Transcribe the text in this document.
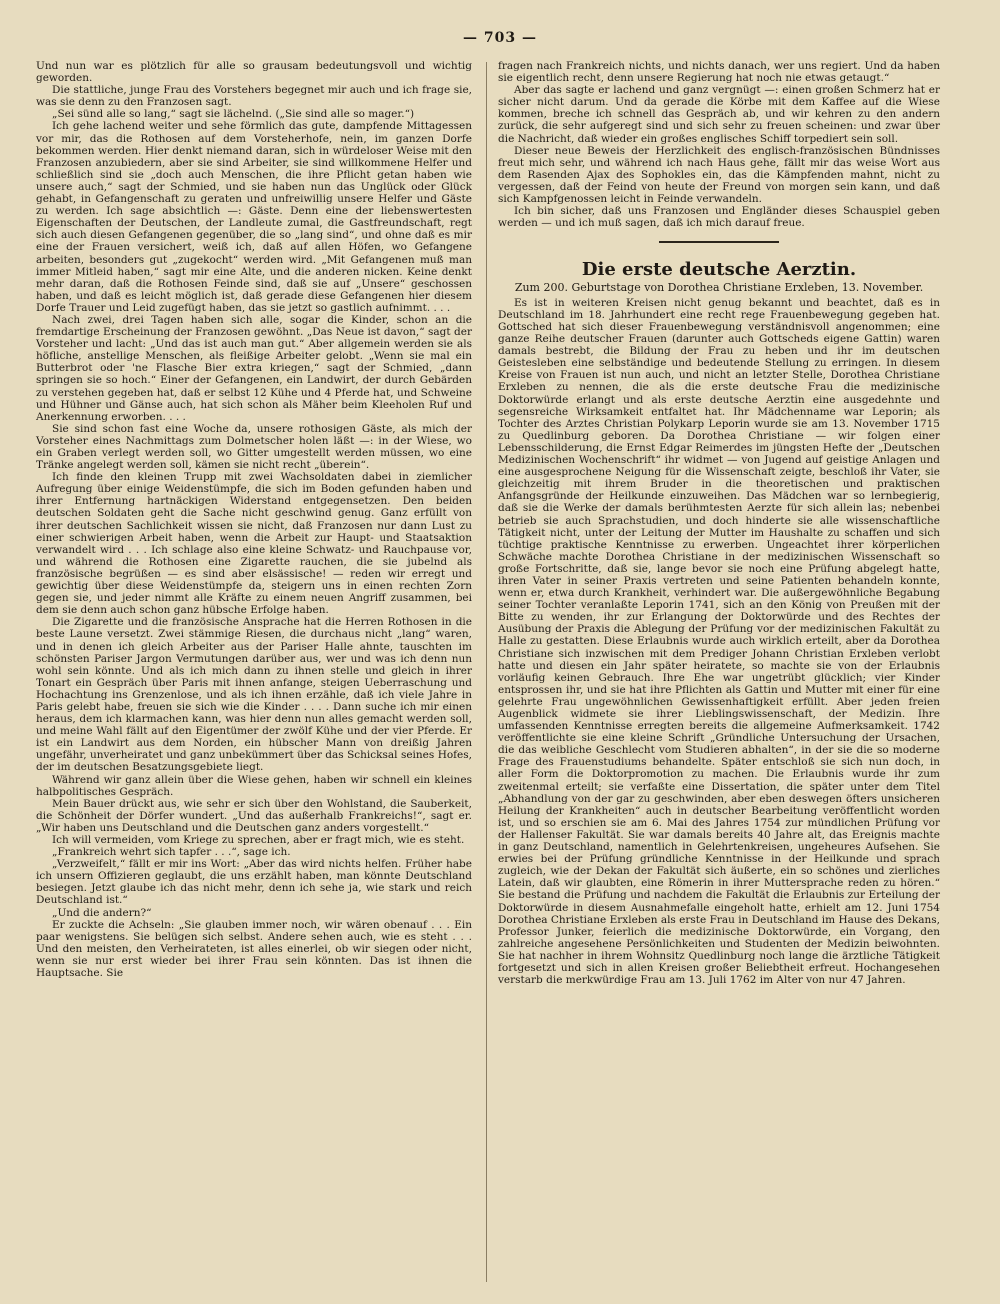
— 703 —

Und nun war es plötzlich für alle so grausam bedeutungsvoll und wichtig geworden.

Die stattliche, junge Frau des Vorstehers begegnet mir auch und ich frage sie, was sie denn zu den Franzosen sagt.

„Sei sünd alle so lang,“ sagt sie lächelnd. („Sie sind alle so mager.“)

Ich gehe lachend weiter und sehe förmlich das gute, dampfende Mittagessen vor mir, das die Rothosen auf dem Vorsteherhofe, nein, im ganzen Dorfe bekommen werden. Hier denkt niemand daran, sich in würdeloser Weise mit den Franzosen anzubiedern, aber sie sind Arbeiter, sie sind willkommene Helfer und schließlich sind sie „doch auch Menschen, die ihre Pflicht getan haben wie unsere auch,“ sagt der Schmied, und sie haben nun das Unglück oder Glück gehabt, in Gefangenschaft zu geraten und unfreiwillig unsere Helfer und Gäste zu werden. Ich sage absichtlich —: Gäste. Denn eine der liebenswertesten Eigenschaften der Deutschen, der Landleute zumal, die Gastfreundschaft, regt sich auch diesen Gefangenen gegenüber, die so „lang sind“, und ohne daß es mir eine der Frauen versichert, weiß ich, daß auf allen Höfen, wo Gefangene arbeiten, besonders gut „zugekocht“ werden wird. „Mit Gefangenen muß man immer Mitleid haben,“ sagt mir eine Alte, und die anderen nicken. Keine denkt mehr daran, daß die Rothosen Feinde sind, daß sie auf „Unsere“ geschossen haben, und daß es leicht möglich ist, daß gerade diese Gefangenen hier diesem Dorfe Trauer und Leid zugefügt haben, das sie jetzt so gastlich aufnimmt. . . .

Nach zwei, drei Tagen haben sich alle, sogar die Kinder, schon an die fremdartige Erscheinung der Franzosen gewöhnt. „Das Neue ist davon,“ sagt der Vorsteher und lacht: „Und das ist auch man gut.“ Aber allgemein werden sie als höfliche, anstellige Menschen, als fleißige Arbeiter gelobt. „Wenn sie mal ein Butterbrot oder 'ne Flasche Bier extra kriegen,“ sagt der Schmied, „dann springen sie so hoch.“ Einer der Gefangenen, ein Landwirt, der durch Gebärden zu verstehen gegeben hat, daß er selbst 12 Kühe und 4 Pferde hat, und Schweine und Hühner und Gänse auch, hat sich schon als Mäher beim Kleeholen Ruf und Anerkennung erworben. . . .

Sie sind schon fast eine Woche da, unsere rothosigen Gäste, als mich der Vorsteher eines Nachmittags zum Dolmetscher holen läßt —: in der Wiese, wo ein Graben verlegt werden soll, wo Gitter umgestellt werden müssen, wo eine Tränke angelegt werden soll, kämen sie nicht recht „überein“.

Ich finde den kleinen Trupp mit zwei Wachsoldaten dabei in ziemlicher Aufregung über einige Weidenstümpfe, die sich im Boden gefunden haben und ihrer Entfernung hartnäckigen Widerstand entgegensetzen. Den beiden deutschen Soldaten geht die Sache nicht geschwind genug. Ganz erfüllt von ihrer deutschen Sachlichkeit wissen sie nicht, daß Franzosen nur dann Lust zu einer schwierigen Arbeit haben, wenn die Arbeit zur Haupt- und Staatsaktion verwandelt wird . . . Ich schlage also eine kleine Schwatz- und Rauchpause vor, und während die Rothosen eine Zigarette rauchen, die sie jubelnd als französische begrüßen — es sind aber elsässische! — reden wir erregt und gewichtig über diese Weidenstümpfe da, steigern uns in einen rechten Zorn gegen sie, und jeder nimmt alle Kräfte zu einem neuen Angriff zusammen, bei dem sie denn auch schon ganz hübsche Erfolge haben.

Die Zigarette und die französische Ansprache hat die Herren Rothosen in die beste Laune versetzt. Zwei stämmige Riesen, die durchaus nicht „lang“ waren, und in denen ich gleich Arbeiter aus der Pariser Halle ahnte, tauschten im schönsten Pariser Jargon Vermutungen darüber aus, wer und was ich denn nun wohl sein könnte. Und als ich mich dann zu ihnen stelle und gleich in ihrer Tonart ein Gespräch über Paris mit ihnen anfange, steigen Ueberraschung und Hochachtung ins Grenzenlose, und als ich ihnen erzähle, daß ich viele Jahre in Paris gelebt habe, freuen sie sich wie die Kinder . . . . Dann suche ich mir einen heraus, dem ich klarmachen kann, was hier denn nun alles gemacht werden soll, und meine Wahl fällt auf den Eigentümer der zwölf Kühe und der vier Pferde. Er ist ein Landwirt aus dem Norden, ein hübscher Mann von dreißig Jahren ungefähr, unverheiratet und ganz unbekümmert über das Schicksal seines Hofes, der im deutschen Besatzungsgebiete liegt.

Während wir ganz allein über die Wiese gehen, haben wir schnell ein kleines halbpolitisches Gespräch.

Mein Bauer drückt aus, wie sehr er sich über den Wohlstand, die Sauberkeit, die Schönheit der Dörfer wundert. „Und das außerhalb Frankreichs!“, sagt er. „Wir haben uns Deutschland und die Deutschen ganz anders vorgestellt.“

Ich will vermeiden, vom Kriege zu sprechen, aber er fragt mich, wie es steht.

„Frankreich wehrt sich tapfer . . .“, sage ich.

„Verzweifelt,“ fällt er mir ins Wort: „Aber das wird nichts helfen. Früher habe ich unsern Offizieren geglaubt, die uns erzählt haben, man könnte Deutschland besiegen. Jetzt glaube ich das nicht mehr, denn ich sehe ja, wie stark und reich Deutschland ist.“

„Und die andern?“

Er zuckte die Achseln: „Sie glauben immer noch, wir wären obenauf . . . Ein paar wenigstens. Sie belügen sich selbst. Andere sehen auch, wie es steht . . . Und den meisten, den Verheirateten, ist alles einerlei, ob wir siegen oder nicht, wenn sie nur erst wieder bei ihrer Frau sein könnten. Das ist ihnen die Hauptsache. Sie

fragen nach Frankreich nichts, und nichts danach, wer uns regiert. Und da haben sie eigentlich recht, denn unsere Regierung hat noch nie etwas getaugt.“

Aber das sagte er lachend und ganz vergnügt —: einen großen Schmerz hat er sicher nicht darum. Und da gerade die Körbe mit dem Kaffee auf die Wiese kommen, breche ich schnell das Gespräch ab, und wir kehren zu den andern zurück, die sehr aufgeregt sind und sich sehr zu freuen scheinen: und zwar über die Nachricht, daß wieder ein großes englisches Schiff torpediert sein soll.

Dieser neue Beweis der Herzlichkeit des englisch-französischen Bündnisses freut mich sehr, und während ich nach Haus gehe, fällt mir das weise Wort aus dem Rasenden Ajax des Sophokles ein, das die Kämpfenden mahnt, nicht zu vergessen, daß der Feind von heute der Freund von morgen sein kann, und daß sich Kampfgenossen leicht in Feinde verwandeln.

Ich bin sicher, daß uns Franzosen und Engländer dieses Schauspiel geben werden — und ich muß sagen, daß ich mich darauf freue.

Die erste deutsche Aerztin.
Zum 200. Geburtstage von Dorothea Christiane Erxleben, 13. November.

Es ist in weiteren Kreisen nicht genug bekannt und beachtet, daß es in Deutschland im 18. Jahrhundert eine recht rege Frauenbewegung gegeben hat. Gottsched hat sich dieser Frauenbewegung verständnisvoll angenommen; eine ganze Reihe deutscher Frauen (darunter auch Gottscheds eigene Gattin) waren damals bestrebt, die Bildung der Frau zu heben und ihr im deutschen Geistesleben eine selbständige und bedeutende Stellung zu erringen. In diesem Kreise von Frauen ist nun auch, und nicht an letzter Stelle, Dorothea Christiane Erxleben zu nennen, die als die erste deutsche Frau die medizinische Doktorwürde erlangt und als erste deutsche Aerztin eine ausgedehnte und segensreiche Wirksamkeit entfaltet hat. Ihr Mädchenname war Leporin; als Tochter des Arztes Christian Polykarp Leporin wurde sie am 13. November 1715 zu Quedlinburg geboren. Da Dorothea Christiane — wir folgen einer Lebensschilderung, die Ernst Edgar Reimerdes im jüngsten Hefte der „Deutschen Medizinischen Wochenschrift“ ihr widmet — von Jugend auf geistige Anlagen und eine ausgesprochene Neigung für die Wissenschaft zeigte, beschloß ihr Vater, sie gleichzeitig mit ihrem Bruder in die theoretischen und praktischen Anfangsgründe der Heilkunde einzuweihen. Das Mädchen war so lernbegierig, daß sie die Werke der damals berühmtesten Aerzte für sich allein las; nebenbei betrieb sie auch Sprachstudien, und doch hinderte sie alle wissenschaftliche Tätigkeit nicht, unter der Leitung der Mutter im Haushalte zu schaffen und sich tüchtige praktische Kenntnisse zu erwerben. Ungeachtet ihrer körperlichen Schwäche machte Dorothea Christiane in der medizinischen Wissenschaft so große Fortschritte, daß sie, lange bevor sie noch eine Prüfung abgelegt hatte, ihren Vater in seiner Praxis vertreten und seine Patienten behandeln konnte, wenn er, etwa durch Krankheit, verhindert war. Die außergewöhnliche Begabung seiner Tochter veranlaßte Leporin 1741, sich an den König von Preußen mit der Bitte zu wenden, ihr zur Erlangung der Doktorwürde und des Rechtes der Ausübung der Praxis die Ablegung der Prüfung vor der medizinischen Fakultät zu Halle zu gestatten. Diese Erlaubnis wurde auch wirklich erteilt, aber da Dorothea Christiane sich inzwischen mit dem Prediger Johann Christian Erxleben verlobt hatte und diesen ein Jahr später heiratete, so machte sie von der Erlaubnis vorläufig keinen Gebrauch. Ihre Ehe war ungetrübt glücklich; vier Kinder entsprossen ihr, und sie hat ihre Pflichten als Gattin und Mutter mit einer für eine gelehrte Frau ungewöhnlichen Gewissenhaftigkeit erfüllt. Aber jeden freien Augenblick widmete sie ihrer Lieblingswissenschaft, der Medizin. Ihre umfassenden Kenntnisse erregten bereits die allgemeine Aufmerksamkeit. 1742 veröffentlichte sie eine kleine Schrift „Gründliche Untersuchung der Ursachen, die das weibliche Geschlecht vom Studieren abhalten“, in der sie die so moderne Frage des Frauenstudiums behandelte. Später entschloß sie sich nun doch, in aller Form die Doktorpromotion zu machen. Die Erlaubnis wurde ihr zum zweitenmal erteilt; sie verfaßte eine Dissertation, die später unter dem Titel „Abhandlung von der gar zu geschwinden, aber eben deswegen öfters unsicheren Heilung der Krankheiten“ auch in deutscher Bearbeitung veröffentlicht worden ist, und so erschien sie am 6. Mai des Jahres 1754 zur mündlichen Prüfung vor der Hallenser Fakultät. Sie war damals bereits 40 Jahre alt, das Ereignis machte in ganz Deutschland, namentlich in Gelehrtenkreisen, ungeheures Aufsehen. Sie erwies bei der Prüfung gründliche Kenntnisse in der Heilkunde und sprach zugleich, wie der Dekan der Fakultät sich äußerte, ein so schönes und zierliches Latein, daß wir glaubten, eine Römerin in ihrer Muttersprache reden zu hören.“ Sie bestand die Prüfung und nachdem die Fakultät die Erlaubnis zur Erteilung der Doktorwürde in diesem Ausnahmefalle eingeholt hatte, erhielt am 12. Juni 1754 Dorothea Christiane Erxleben als erste Frau in Deutschland im Hause des Dekans, Professor Junker, feierlich die medizinische Doktorwürde, ein Vorgang, den zahlreiche angesehene Persönlichkeiten und Studenten der Medizin beiwohnten. Sie hat nachher in ihrem Wohnsitz Quedlinburg noch lange die ärztliche Tätigkeit fortgesetzt und sich in allen Kreisen großer Beliebtheit erfreut. Hochangesehen verstarb die merkwürdige Frau am 13. Juli 1762 im Alter von nur 47 Jahren.
